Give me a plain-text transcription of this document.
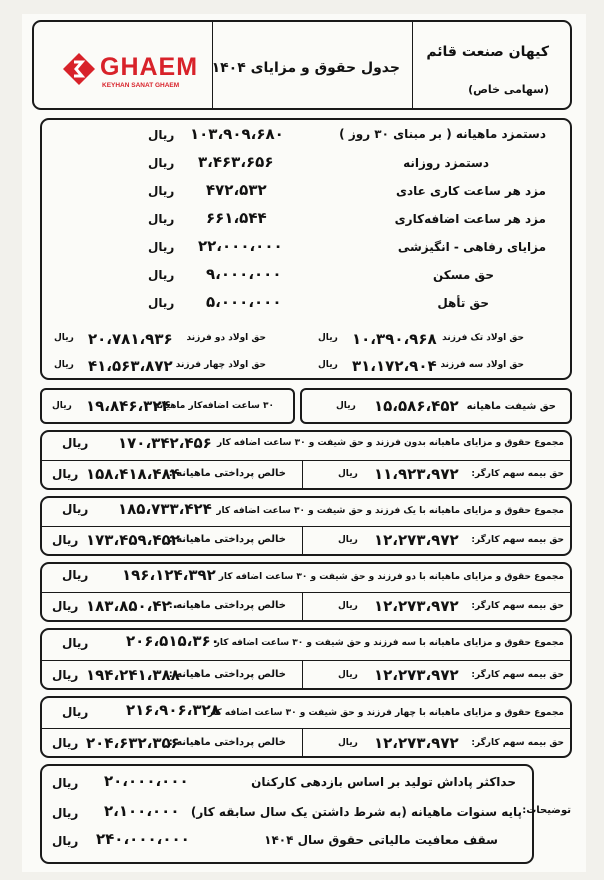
GHAEM
KEYHAN SANAT GHAEM
جدول حقوق و مزایای ۱۴۰۴
کیهان صنعت قائم
(سهامی خاص)
دستمزد ماهیانه ( بر مبنای ۳۰ روز )
۱۰۳،۹۰۹،۶۸۰
ریال
دستمزد روزانه
۳،۴۶۳،۶۵۶
ریال
مزد هر ساعت کاری عادی
۴۷۲،۵۳۲
ریال
مزد هر ساعت اضافه‌کاری
۶۶۱،۵۴۴
ریال
مزایای رفاهی - انگیزشی
۲۲،۰۰۰،۰۰۰
ریال
حق مسکن
۹،۰۰۰،۰۰۰
ریال
حق تأهل
۵،۰۰۰،۰۰۰
ریال
حق اولاد تک فرزند
۱۰،۳۹۰،۹۶۸
ریال
حق اولاد دو فرزند
۲۰،۷۸۱،۹۳۶
ریال
حق اولاد سه فرزند
۳۱،۱۷۲،۹۰۴
ریال
حق اولاد چهار فرزند
۴۱،۵۶۳،۸۷۲
ریال
حق شیفت ماهیانه
۱۵،۵۸۶،۴۵۲
ریال
۳۰ ساعت اضافه‌کار ماهیانه
۱۹،۸۴۶،۳۲۴
ریال
مجموع حقوق و مزایای ماهیانه بدون فرزند و حق شیفت و ۳۰ ساعت اضافه کار
۱۷۰،۳۴۲،۴۵۶
ریال
حق بیمه سهم کارگر:
۱۱،۹۲۳،۹۷۲
ریال
خالص پرداختی ماهیانه :
۱۵۸،۴۱۸،۴۸۴
ریال
مجموع حقوق و مزایای ماهیانه با یک فرزند و حق شیفت و ۳۰ ساعت اضافه کار
۱۸۵،۷۳۳،۴۲۴
ریال
حق بیمه سهم کارگر:
۱۲،۲۷۳،۹۷۲
ریال
خالص پرداختی ماهیانه :
۱۷۳،۴۵۹،۴۵۲
ریال
مجموع حقوق و مزایای ماهیانه با دو فرزند و حق شیفت و ۳۰ ساعت اضافه کار
۱۹۶،۱۲۴،۳۹۲
ریال
حق بیمه سهم کارگر:
۱۲،۲۷۳،۹۷۲
ریال
خالص پرداختی ماهیانه :
۱۸۳،۸۵۰،۴۲۰
ریال
مجموع حقوق و مزایای ماهیانه با سه فرزند و حق شیفت و ۳۰ ساعت اضافه کار
۲۰۶،۵۱۵،۳۶۰
ریال
حق بیمه سهم کارگر:
۱۲،۲۷۳،۹۷۲
ریال
خالص پرداختی ماهیانه :
۱۹۴،۲۴۱،۳۸۸
ریال
مجموع حقوق و مزایای ماهیانه با چهار فرزند و حق شیفت و ۳۰ ساعت اضافه کار
۲۱۶،۹۰۶،۳۲۸
ریال
حق بیمه سهم کارگر:
۱۲،۲۷۳،۹۷۲
ریال
خالص پرداختی ماهیانه :
۲۰۴،۶۳۲،۳۵۶
ریال
توضیحات:
حداکثر پاداش تولید بر اساس بازدهی کارکنان
۲۰،۰۰۰،۰۰۰
ریال
پایه سنوات ماهیانه (به شرط داشتن یک سال سابقه کار)
۲،۱۰۰،۰۰۰
ریال
سقف معافیت مالیاتی حقوق سال ۱۴۰۴
۲۴۰،۰۰۰،۰۰۰
ریال
